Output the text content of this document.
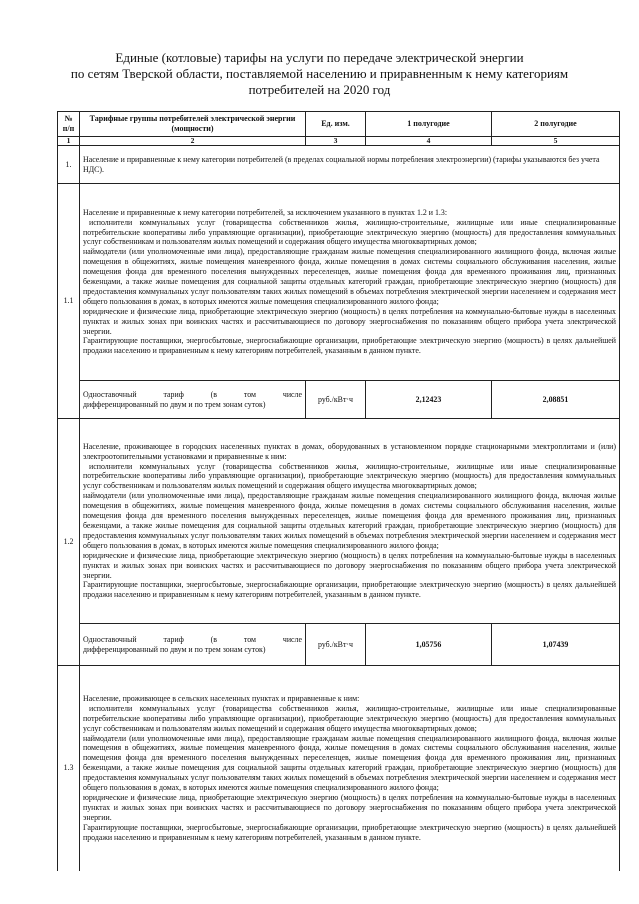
Единые (котловые) тарифы на услуги по передаче электрической энергии
по сетям Тверской области, поставляемой населению и приравненным к нему категориям
потребителей на 2020 год
№ п/п	Тарифные группы потребителей электрической энергии (мощности)	Ед. изм.	1 полугодие	2 полугодие
1	2	3	4	5
1.	Население и приравненные к нему категории потребителей (в пределах социальной нормы потребления электроэнергии) (тарифы указываются без учета НДС).			
1.1	Население и приравненные к нему категории потребителей, за исключением указанного в пунктах 1.2 и 1.3:

исполнители коммунальных услуг (товарищества собственников жилья, жилищно-строительные, жилищные или иные специализированные потребительские кооперативы либо управляющие организации), приобретающие электрическую энергию (мощность) для предоставления коммунальных услуг собственникам и пользователям жилых помещений и содержания общего имущества многоквартирных домов;

наймодатели (или уполномоченные ими лица), предоставляющие гражданам жилые помещения специализированного жилищного фонда, включая жилые помещения в общежитиях, жилые помещения маневренного фонда, жилые помещения в домах системы социального обслуживания населения, жилые помещения фонда для временного поселения вынужденных переселенцев, жилые помещения фонда для временного проживания лиц, признанных беженцами, а также жилые помещения для социальной защиты отдельных категорий граждан, приобретающие электрическую энергию (мощность) для предоставления коммунальных услуг пользователям таких жилых помещений в объемах потребления электрической энергии населением и содержания мест общего пользования в домах, в которых имеются жилые помещения специализированного жилого фонда;

юридические и физические лица, приобретающие электрическую энергию (мощность) в целях потребления на коммунально-бытовые нужды в населенных пунктах и жилых зонах при воинских частях и рассчитывающиеся по договору энергоснабжения по показаниям общего прибора учета электрической энергии.

Гарантирующие поставщики, энергосбытовые, энергоснабжающие организации, приобретающие электрическую энергию (мощность) в целях дальнейшей продажи населению и приравненным к нему категориям потребителей, указанным в данном пункте.			

	Одноставочный тариф (в том числе
дифференцированный по двум и по трем зонам суток)	руб./кВт·ч	2,12423	2,08851
1.2	Население, проживающее в городских населенных пунктах в домах, оборудованных в установленном порядке стационарными электроплитами и (или) электроотопительными установками и приравненные к ним:

исполнители коммунальных услуг (товарищества собственников жилья, жилищно-строительные, жилищные или иные специализированные потребительские кооперативы либо управляющие организации), приобретающие электрическую энергию (мощность) для предоставления коммунальных услуг собственникам и пользователям жилых помещений и содержания общего имущества многоквартирных домов;

наймодатели (или уполномоченные ими лица), предоставляющие гражданам жилые помещения специализированного жилищного фонда, включая жилые помещения в общежитиях, жилые помещения маневренного фонда, жилые помещения в домах системы социального обслуживания населения, жилые помещения фонда для временного поселения вынужденных переселенцев, жилые помещения фонда для временного проживания лиц, признанных беженцами, а также жилые помещения для социальной защиты отдельных категорий граждан, приобретающие электрическую энергию (мощность) для предоставления коммунальных услуг пользователям таких жилых помещений в объемах потребления электрической энергии населением и содержания мест общего пользования в домах, в которых имеются жилые помещения специализированного жилого фонда;

юридические и физические лица, приобретающие электрическую энергию (мощность) в целях потребления на коммунально-бытовые нужды в населенных пунктах и жилых зонах при воинских частях и рассчитывающиеся по договору энергоснабжения по показаниям общего прибора учета электрической энергии.

Гарантирующие поставщики, энергосбытовые, энергоснабжающие организации, приобретающие электрическую энергию (мощность) в целях дальнейшей продажи населению и приравненным к нему категориям потребителей, указанным в данном пункте.			

	Одноставочный тариф (в том числе
дифференцированный по двум и по трем зонам суток)	руб./кВт·ч	1,05756	1,07439
1.3	Население, проживающее в сельских населенных пунктах и приравненные к ним:

исполнители коммунальных услуг (товарищества собственников жилья, жилищно-строительные, жилищные или иные специализированные потребительские кооперативы либо управляющие организации), приобретающие электрическую энергию (мощность) для предоставления коммунальных услуг собственникам и пользователям жилых помещений и содержания общего имущества многоквартирных домов;

наймодатели (или уполномоченные ими лица), предоставляющие гражданам жилые помещения специализированного жилищного фонда, включая жилые помещения в общежитиях, жилые помещения маневренного фонда, жилые помещения в домах системы социального обслуживания населения, жилые помещения фонда для временного поселения вынужденных переселенцев, жилые помещения фонда для временного проживания лиц, признанных беженцами, а также жилые помещения для социальной защиты отдельных категорий граждан, приобретающие электрическую энергию (мощность) для предоставления коммунальных услуг пользователям таких жилых помещений в объемах потребления электрической энергии населением и содержания мест общего пользования в домах, в которых имеются жилые помещения специализированного жилого фонда;

юридические и физические лица, приобретающие электрическую энергию (мощность) в целях потребления на коммунально-бытовые нужды в населенных пунктах и жилых зонах при воинских частях и рассчитывающиеся по договору энергоснабжения по показаниям общего прибора учета электрической энергии.

Гарантирующие поставщики, энергосбытовые, энергоснабжающие организации, приобретающие электрическую энергию (мощность) в целях дальнейшей продажи населению и приравненным к нему категориям потребителей, указанным в данном пункте.			
